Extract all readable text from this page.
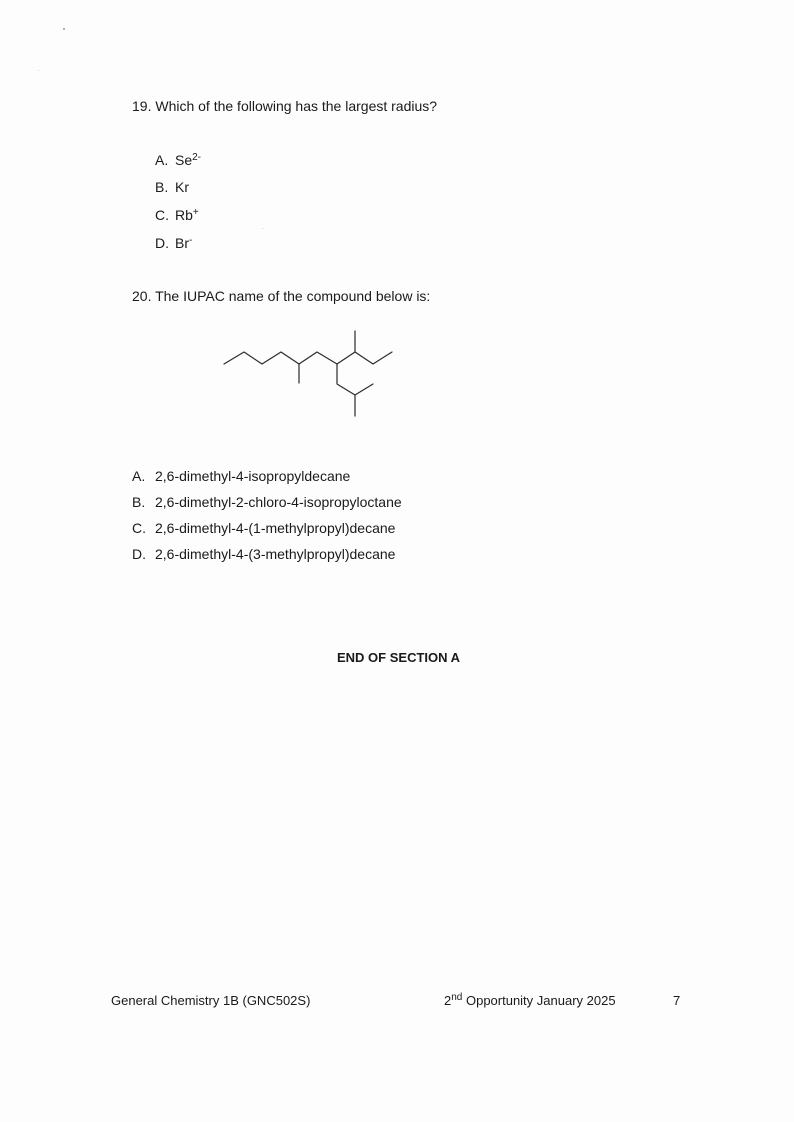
19. Which of the following has the largest radius?
A. $Se^{2-}$
B. Kr
C. Rb+
D. Br-
20. The IUPAC name of the compound below is:
A. 2,6-dimethyl-4-isopropyldecane
B. 2,6-dimethyl-2-chloro-4-isopropyloctane
C. 2,6-dimethyl-4-(1-methylpropyl)decane
D. 2,6-dimethyl-4-(3-methylpropyl)decane
END OF SECTION A
General Chemistry 1B (GNC502S)	2nd Opportunity January 2025	7
